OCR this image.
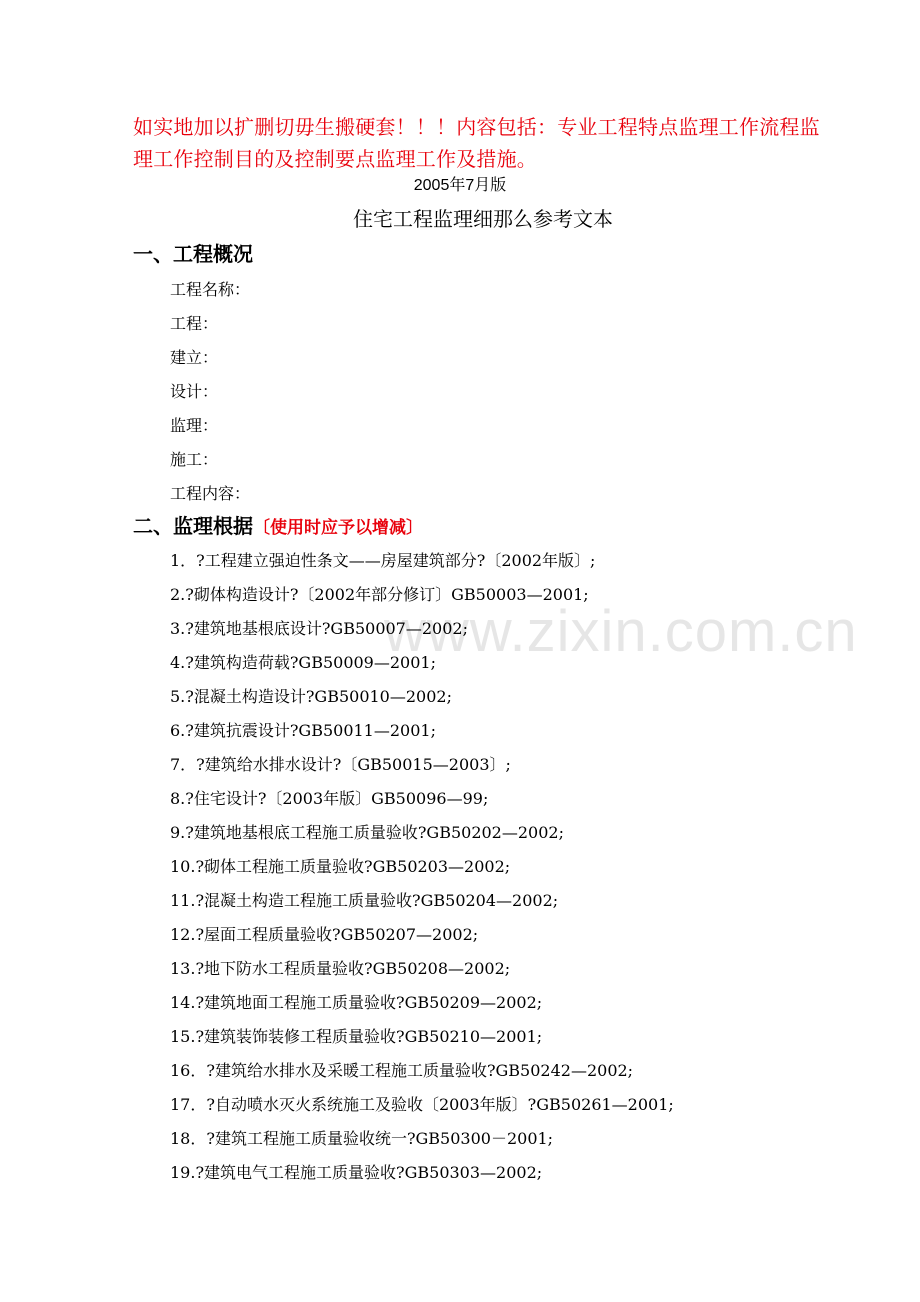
www.zixin.com.cn
如实地加以扩删切毋生搬硬套！！！内容包括：专业工程特点监理工作流程监理工作控制目的及控制要点监理工作及措施。
2005年7月版
住宅工程监理细那么参考文本
一、工程概况
工程名称：
工程：
建立：
设计：
监理：
施工：
工程内容：
二、监理根据〔使用时应予以增减〕
1．?工程建立强迫性条文——房屋建筑部分?〔2002年版〕;
2.?砌体构造设计?〔2002年部分修订〕GB50003—2001;
3.?建筑地基根底设计?GB50007—2002;
4.?建筑构造荷载?GB50009—2001;
5.?混凝土构造设计?GB50010—2002;
6.?建筑抗震设计?GB50011—2001;
7．?建筑给水排水设计?〔GB50015—2003〕;
8.?住宅设计?〔2003年版〕GB50096—99;
9.?建筑地基根底工程施工质量验收?GB50202—2002;
10.?砌体工程施工质量验收?GB50203—2002;
11.?混凝土构造工程施工质量验收?GB50204—2002;
12.?屋面工程质量验收?GB50207—2002;
13.?地下防水工程质量验收?GB50208—2002;
14.?建筑地面工程施工质量验收?GB50209—2002;
15.?建筑装饰装修工程质量验收?GB50210—2001;
16．?建筑给水排水及采暖工程施工质量验收?GB50242—2002;
17．?自动喷水灭火系统施工及验收〔2003年版〕?GB50261—2001;
18．?建筑工程施工质量验收统一?GB50300－2001;
19.?建筑电气工程施工质量验收?GB50303—2002;
